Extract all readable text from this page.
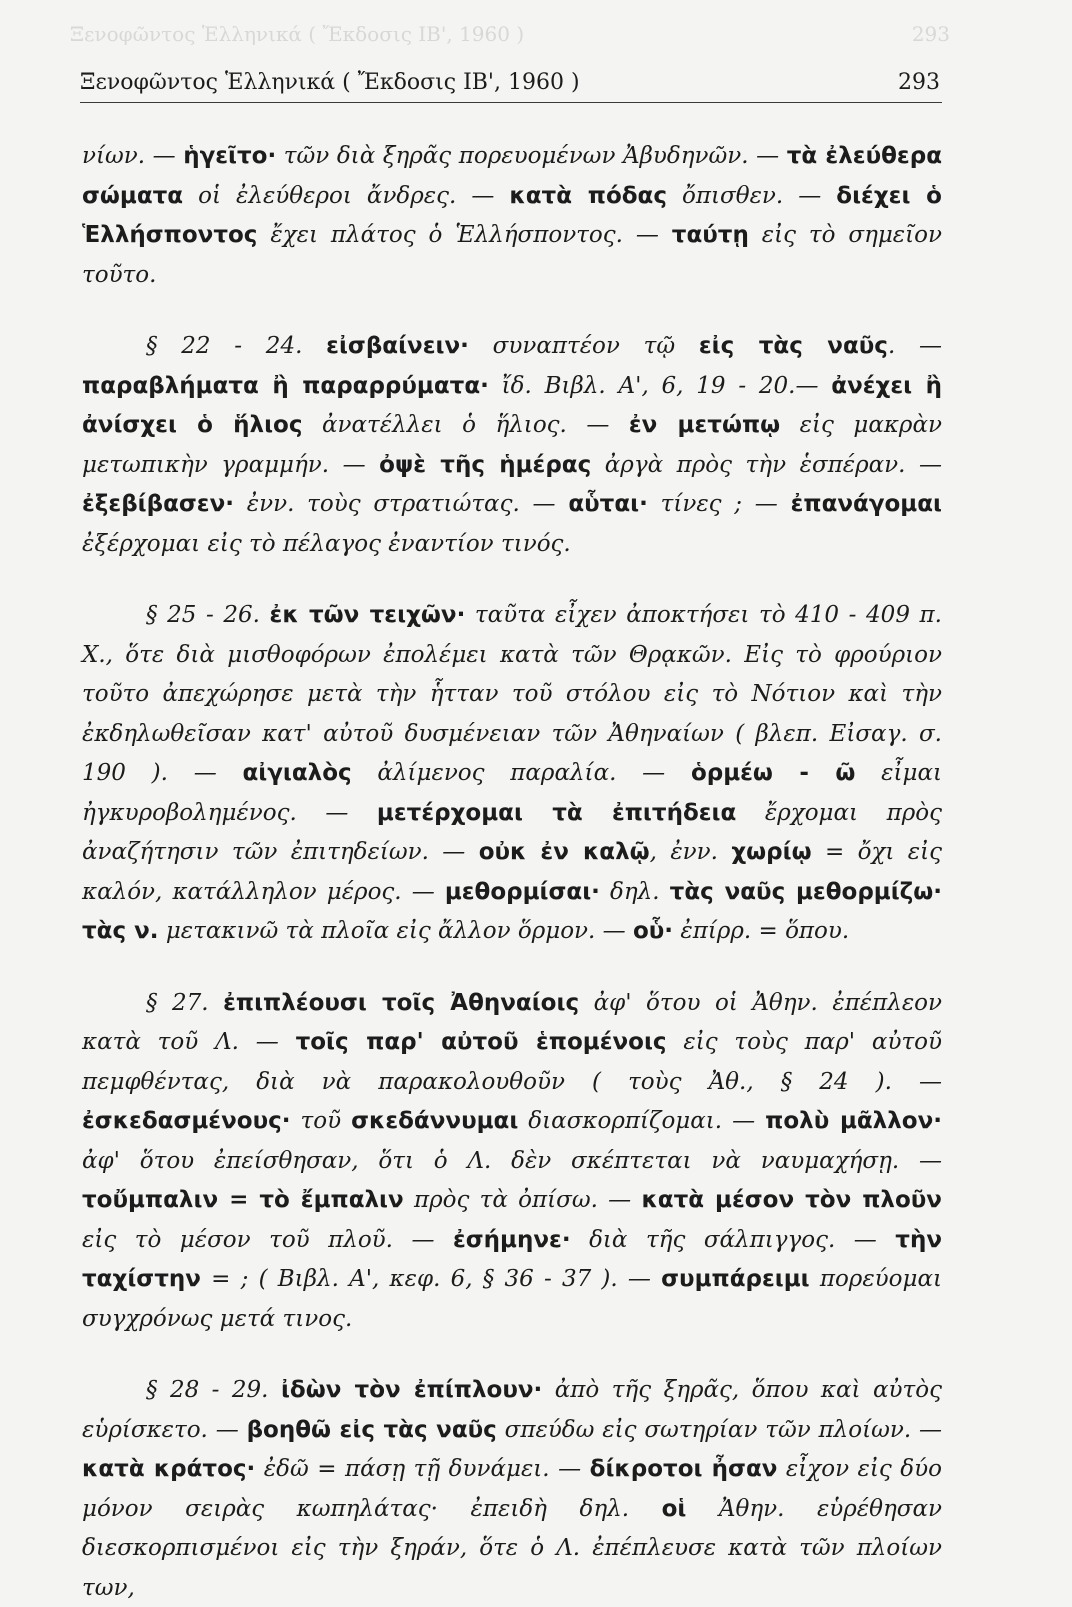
Ξενοφῶντος Ἑλληνικά ( Ἔκδοσις ΙΒ', 1960 )	293
Ξενοφῶντος Ἑλληνικά ( Ἔκδοσις ΙΒ', 1960 )	293

νίων. — ἡγεῖτο· τῶν διὰ ξηρᾶς πορευομένων Ἀβυδηνῶν. — τὰ ἐλεύθερα σώματα οἱ ἐλεύθεροι ἄνδρες. — κατὰ πόδας ὄπισθεν. — διέχει ὁ Ἑλλήσποντος ἔχει πλάτος ὁ Ἑλλήσποντος. — ταύτῃ εἰς τὸ σημεῖον τοῦτο.

§ 22 - 24. εἰσβαίνειν· συναπτέον τῷ εἰς τὰς ναῦς. — παραβλήματα ἢ παραρρύματα· ἴδ. Βιβλ. Α', 6, 19 - 20.— ἀνέχει ἢ ἀνίσχει ὁ ἥλιος ἀνατέλλει ὁ ἥλιος. — ἐν μετώπῳ εἰς μακρὰν μετωπικὴν γραμμήν. — ὀψὲ τῆς ἡμέρας ἀργὰ πρὸς τὴν ἑσπέραν. — ἐξεβίβασεν· ἐνν. τοὺς στρατιώτας. — αὗται· τίνες ; — ἐπανάγομαι ἐξέρχομαι εἰς τὸ πέλαγος ἐναντίον τινός.

§ 25 - 26. ἐκ τῶν τειχῶν· ταῦτα εἶχεν ἀποκτήσει τὸ 410 - 409 π. Χ., ὅτε διὰ μισθοφόρων ἐπολέμει κατὰ τῶν Θρᾳκῶν. Εἰς τὸ φρούριον τοῦτο ἀπεχώρησε μετὰ τὴν ἧτταν τοῦ στόλου εἰς τὸ Νότιον καὶ τὴν ἐκδηλωθεῖσαν κατ' αὐτοῦ δυσμένειαν τῶν Ἀθηναίων ( βλεπ. Εἰσαγ. σ. 190 ). — αἰγιαλὸς ἀλίμενος παραλία. — ὁρμέω - ῶ εἶμαι ἠγκυροβολημένος. — μετέρχομαι τὰ ἐπιτήδεια ἔρχομαι πρὸς ἀναζήτησιν τῶν ἐπιτηδείων. — οὐκ ἐν καλῷ, ἐνν. χωρίῳ = ὄχι εἰς καλόν, κατάλληλον μέρος. — μεθορμίσαι· δηλ. τὰς ναῦς μεθορμίζω· τὰς ν. μετακινῶ τὰ πλοῖα εἰς ἄλλον ὅρμον. — οὗ· ἐπίρρ. = ὅπου.

§ 27. ἐπιπλέουσι τοῖς Ἀθηναίοις ἀφ' ὅτου οἱ Ἀθην. ἐπέπλεον κατὰ τοῦ Λ. — τοῖς παρ' αὐτοῦ ἑπομένοις εἰς τοὺς παρ' αὐτοῦ πεμφθέντας, διὰ νὰ παρακολουθοῦν ( τοὺς Ἀθ., § 24 ). — ἐσκεδασμένους· τοῦ σκεδάννυμαι διασκορπίζομαι. — πολὺ μᾶλλον· ἀφ' ὅτου ἐπείσθησαν, ὅτι ὁ Λ. δὲν σκέπτεται νὰ ναυμαχήσῃ. — τοὔμπαλιν = τὸ ἔμπαλιν πρὸς τὰ ὀπίσω. — κατὰ μέσον τὸν πλοῦν εἰς τὸ μέσον τοῦ πλοῦ. — ἐσήμηνε· διὰ τῆς σάλπιγγος. — τὴν ταχίστην = ; ( Βιβλ. Α', κεφ. 6, § 36 - 37 ). — συμπάρειμι πορεύομαι συγχρόνως μετά τινος.

§ 28 - 29. ἰδὼν τὸν ἐπίπλουν· ἀπὸ τῆς ξηρᾶς, ὅπου καὶ αὐτὸς εὑρίσκετο. — βοηθῶ εἰς τὰς ναῦς σπεύδω εἰς σωτηρίαν τῶν πλοίων. — κατὰ κράτος· ἐδῶ = πάσῃ τῇ δυνάμει. — δίκροτοι ἦσαν εἶχον εἰς δύο μόνον σειρὰς κωπηλάτας· ἐπειδὴ δηλ. οἱ Ἀθην. εὑρέθησαν διεσκορπισμένοι εἰς τὴν ξηράν, ὅτε ὁ Λ. ἐπέπλευσε κατὰ τῶν πλοίων των,
